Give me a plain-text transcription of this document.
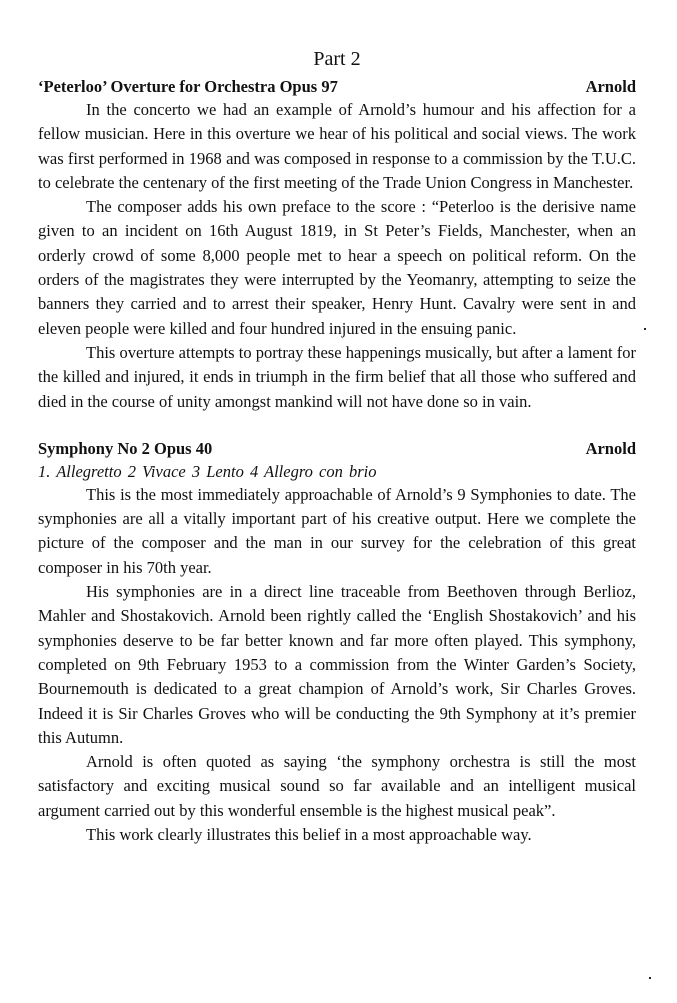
Part 2
‘Peterloo’ Overture for Orchestra Opus 97	Arnold

In the concerto we had an example of Arnold’s humour and his affection for a fellow musician. Here in this overture we hear of his political and social views. The work was first performed in 1968 and was composed in response to a commission by the T.U.C. to celebrate the centenary of the first meeting of the Trade Union Congress in Manchester.

The composer adds his own preface to the score : “Peterloo is the derisive name given to an incident on 16th August 1819, in St Peter’s Fields, Manchester, when an orderly crowd of some 8,000 people met to hear a speech on political reform. On the orders of the magistrates they were interrupted by the Yeomanry, attempting to seize the banners they carried and to arrest their speaker, Henry Hunt. Cavalry were sent in and eleven people were killed and four hundred injured in the ensuing panic.

This overture attempts to portray these happenings musically, but after a lament for the killed and injured, it ends in triumph in the firm belief that all those who suffered and died in the course of unity amongst mankind will not have done so in vain.

Symphony No 2 Opus 40	Arnold
1. Allegretto 2 Vivace 3 Lento 4 Allegro con brio

This is the most immediately approachable of Arnold’s 9 Symphonies to date. The symphonies are all a vitally important part of his creative output. Here we complete the picture of the composer and the man in our survey for the celebration of this great composer in his 70th year.

His symphonies are in a direct line traceable from Beethoven through Berlioz, Mahler and Shostakovich. Arnold been rightly called the ‘English Shostakovich’ and his symphonies deserve to be far better known and far more often played. This symphony, completed on 9th February 1953 to a commission from the Winter Garden’s Society, Bournemouth is dedicated to a great champion of Arnold’s work, Sir Charles Groves. Indeed it is Sir Charles Groves who will be conducting the 9th Symphony at it’s premier this Autumn.

Arnold is often quoted as saying ‘the symphony orchestra is still the most satisfactory and exciting musical sound so far available and an intelligent musical argument carried out by this wonderful ensemble is the highest musical peak”.

This work clearly illustrates this belief in a most approachable way.
